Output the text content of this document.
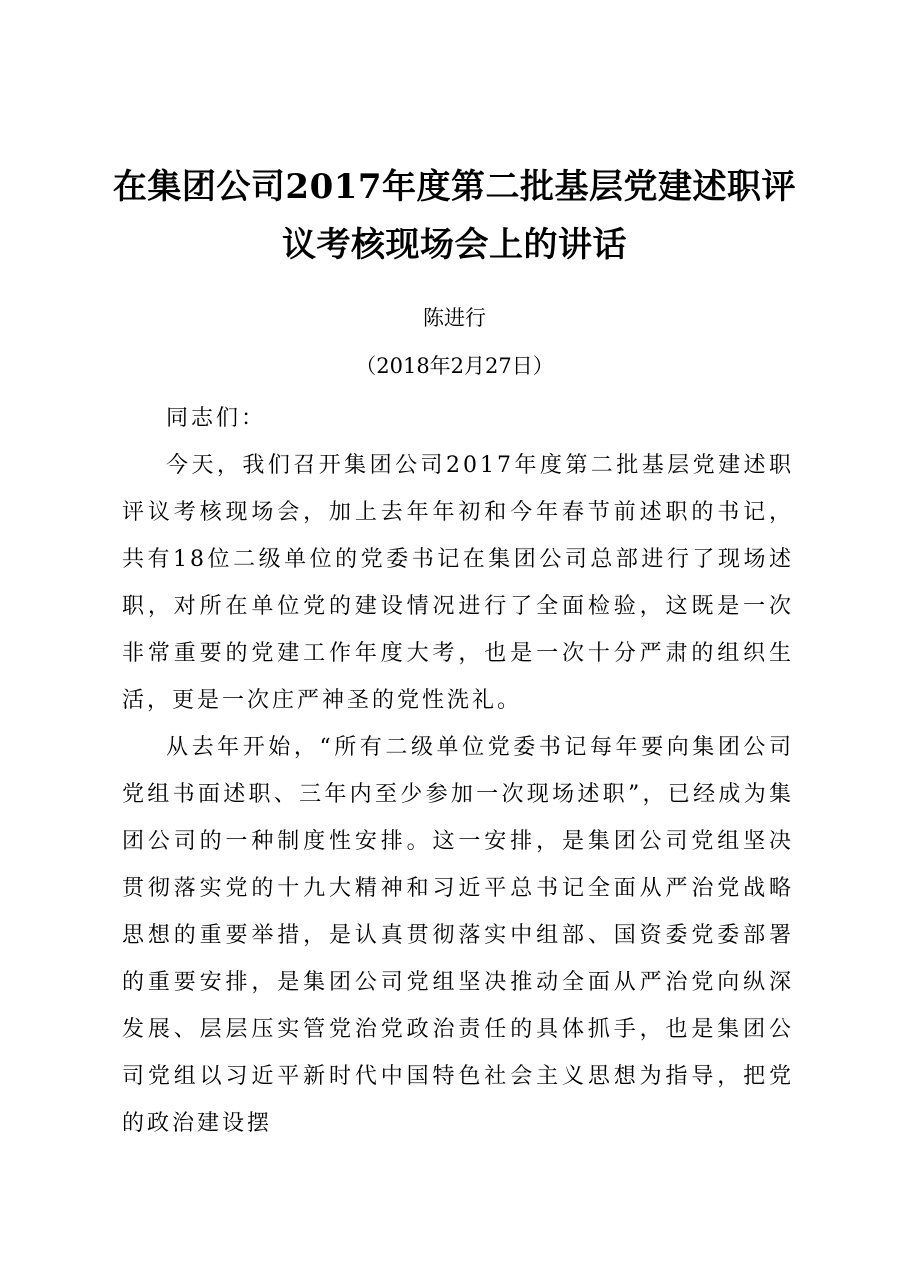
在集团公司2017年度第二批基层党建述职评
议考核现场会上的讲话
陈进行
（2018年2月27日）

同志们：

今天，我们召开集团公司2017年度第二批基层党建述职评议考核现场会，加上去年年初和今年春节前述职的书记，共有18位二级单位的党委书记在集团公司总部进行了现场述职，对所在单位党的建设情况进行了全面检验，这既是一次非常重要的党建工作年度大考，也是一次十分严肃的组织生活，更是一次庄严神圣的党性洗礼。

从去年开始，“所有二级单位党委书记每年要向集团公司党组书面述职、三年内至少参加一次现场述职”，已经成为集团公司的一种制度性安排。这一安排，是集团公司党组坚决贯彻落实党的十九大精神和习近平总书记全面从严治党战略思想的重要举措，是认真贯彻落实中组部、国资委党委部署的重要安排，是集团公司党组坚决推动全面从严治党向纵深发展、层层压实管党治党政治责任的具体抓手，也是集团公司党组以习近平新时代中国特色社会主义思想为指导，把党的政治建设摆
